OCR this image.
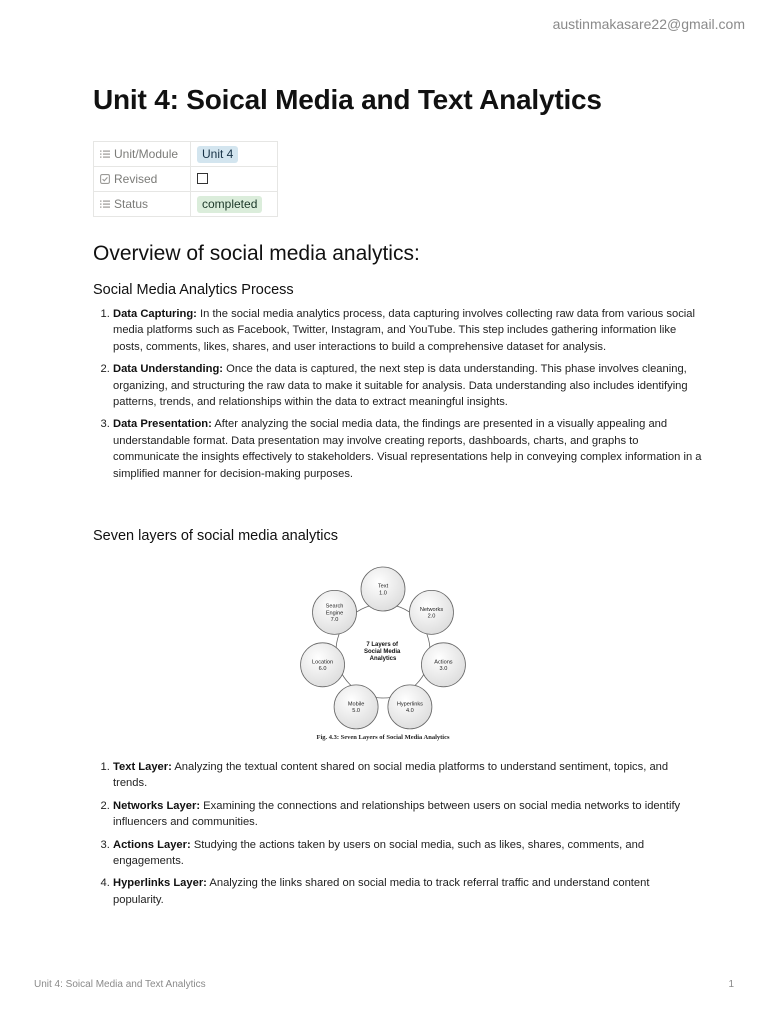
austinmakasare22@gmail.com
Unit 4: Soical Media and Text Analytics
Unit/Module	Unit 4
Revised	
Status	completed
Overview of social media analytics:
Social Media Analytics Process
1. Data Capturing: In the social media analytics process, data capturing involves collecting raw data from various social media platforms such as Facebook, Twitter, Instagram, and YouTube. This step includes gathering information like posts, comments, likes, shares, and user interactions to build a comprehensive dataset for analysis.
2. Data Understanding: Once the data is captured, the next step is data understanding. This phase involves cleaning, organizing, and structuring the raw data to make it suitable for analysis. Data understanding also includes identifying patterns, trends, and relationships within the data to extract meaningful insights.
3. Data Presentation: After analyzing the social media data, the findings are presented in a visually appealing and understandable format. Data presentation may involve creating reports, dashboards, charts, and graphs to communicate the insights effectively to stakeholders. Visual representations help in conveying complex information in a simplified manner for decision-making purposes.
Seven layers of social media analytics
7 Layers of Social Media Analytics
Text 1.0
Networks 2.0
Actions 3.0
Hyperlinks 4.0
Mobile 5.0
Location 6.0
Search Engine 7.0
Fig. 4.3: Seven Layers of Social Media Analytics
1. Text Layer: Analyzing the textual content shared on social media platforms to understand sentiment, topics, and trends.
2. Networks Layer: Examining the connections and relationships between users on social media networks to identify influencers and communities.
3. Actions Layer: Studying the actions taken by users on social media, such as likes, shares, comments, and engagements.
4. Hyperlinks Layer: Analyzing the links shared on social media to track referral traffic and understand content popularity.
Unit 4: Soical Media and Text Analytics	1
